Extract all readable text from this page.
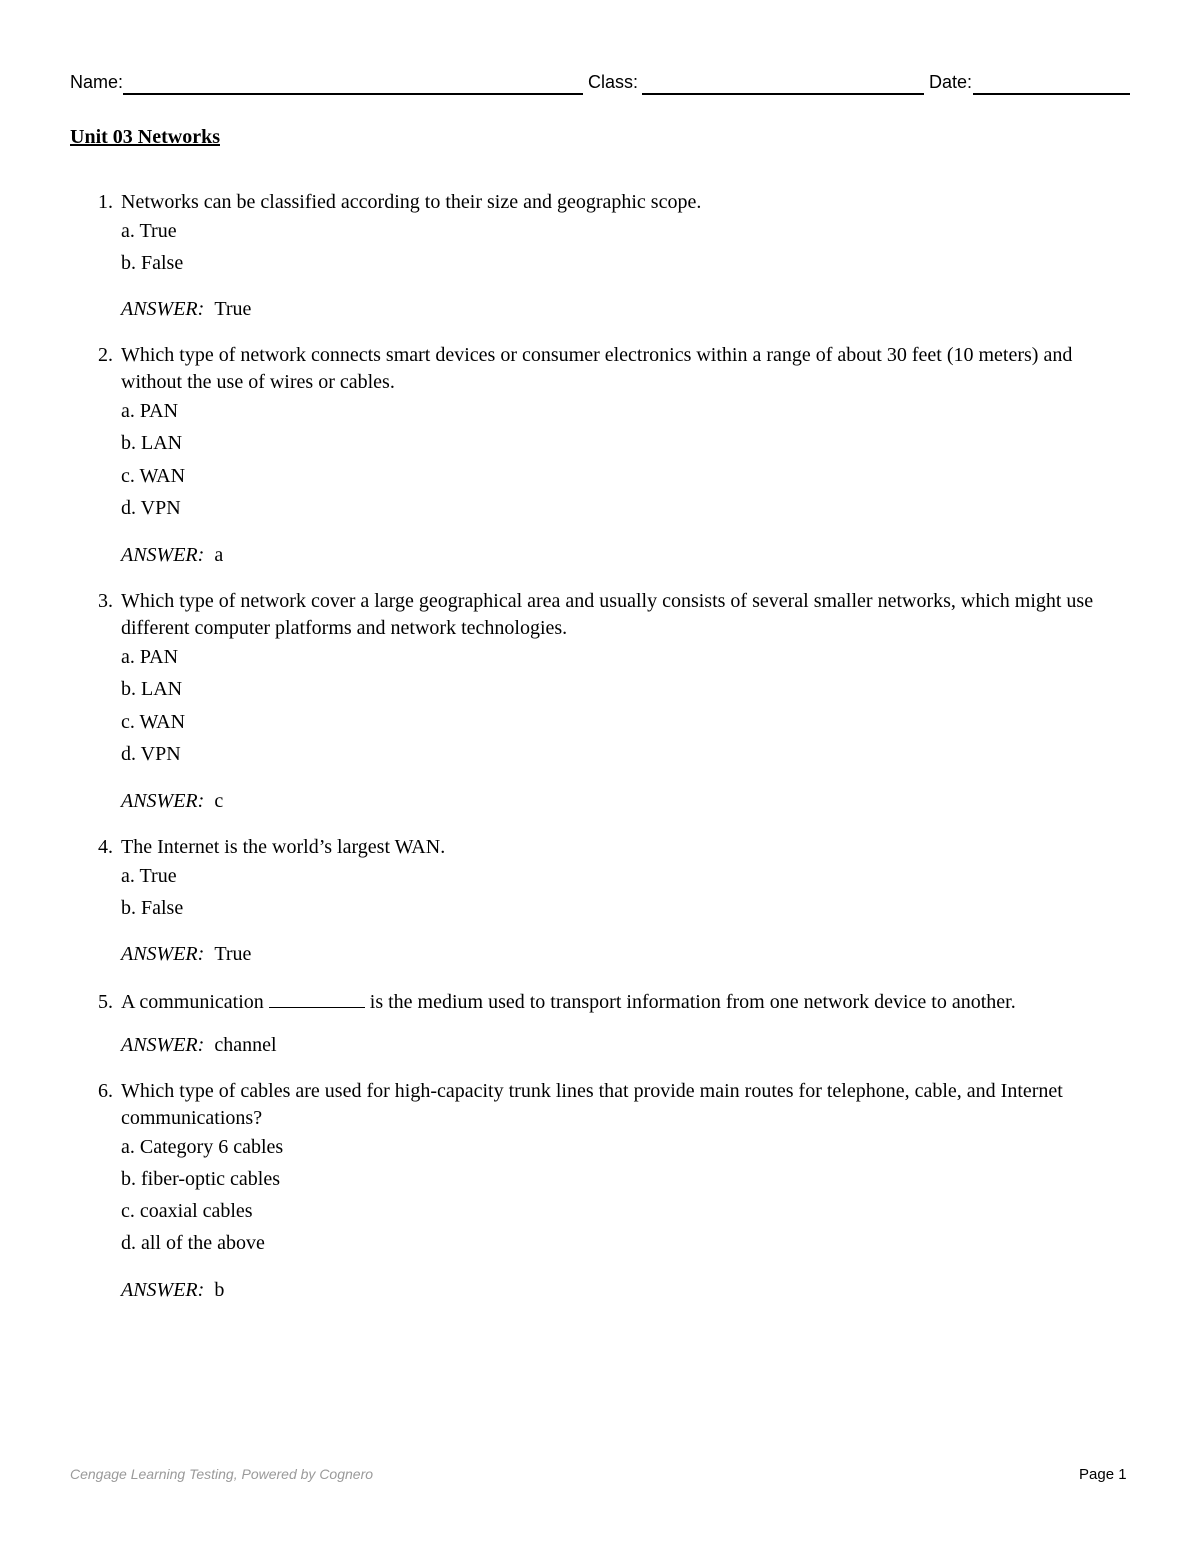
Name:	Class:	Date:
Unit 03 Networks
1. Networks can be classified according to their size and geographic scope.
a. True
b. False
ANSWER: True
2. Which type of network connects smart devices or consumer electronics within a range of about 30 feet (10 meters) and without the use of wires or cables.
a. PAN
b. LAN
c. WAN
d. VPN
ANSWER: a
3. Which type of network cover a large geographical area and usually consists of several smaller networks, which might use different computer platforms and network technologies.
a. PAN
b. LAN
c. WAN
d. VPN
ANSWER: c
4. The Internet is the world’s largest WAN.
a. True
b. False
ANSWER: True
5. A communication	is the medium used to transport information from one network device to another.
ANSWER: channel
6. Which type of cables are used for high-capacity trunk lines that provide main routes for telephone, cable, and Internet communications?
a. Category 6 cables
b. fiber-optic cables
c. coaxial cables
d. all of the above
ANSWER: b
Cengage Learning Testing, Powered by Cognero	Page 1
